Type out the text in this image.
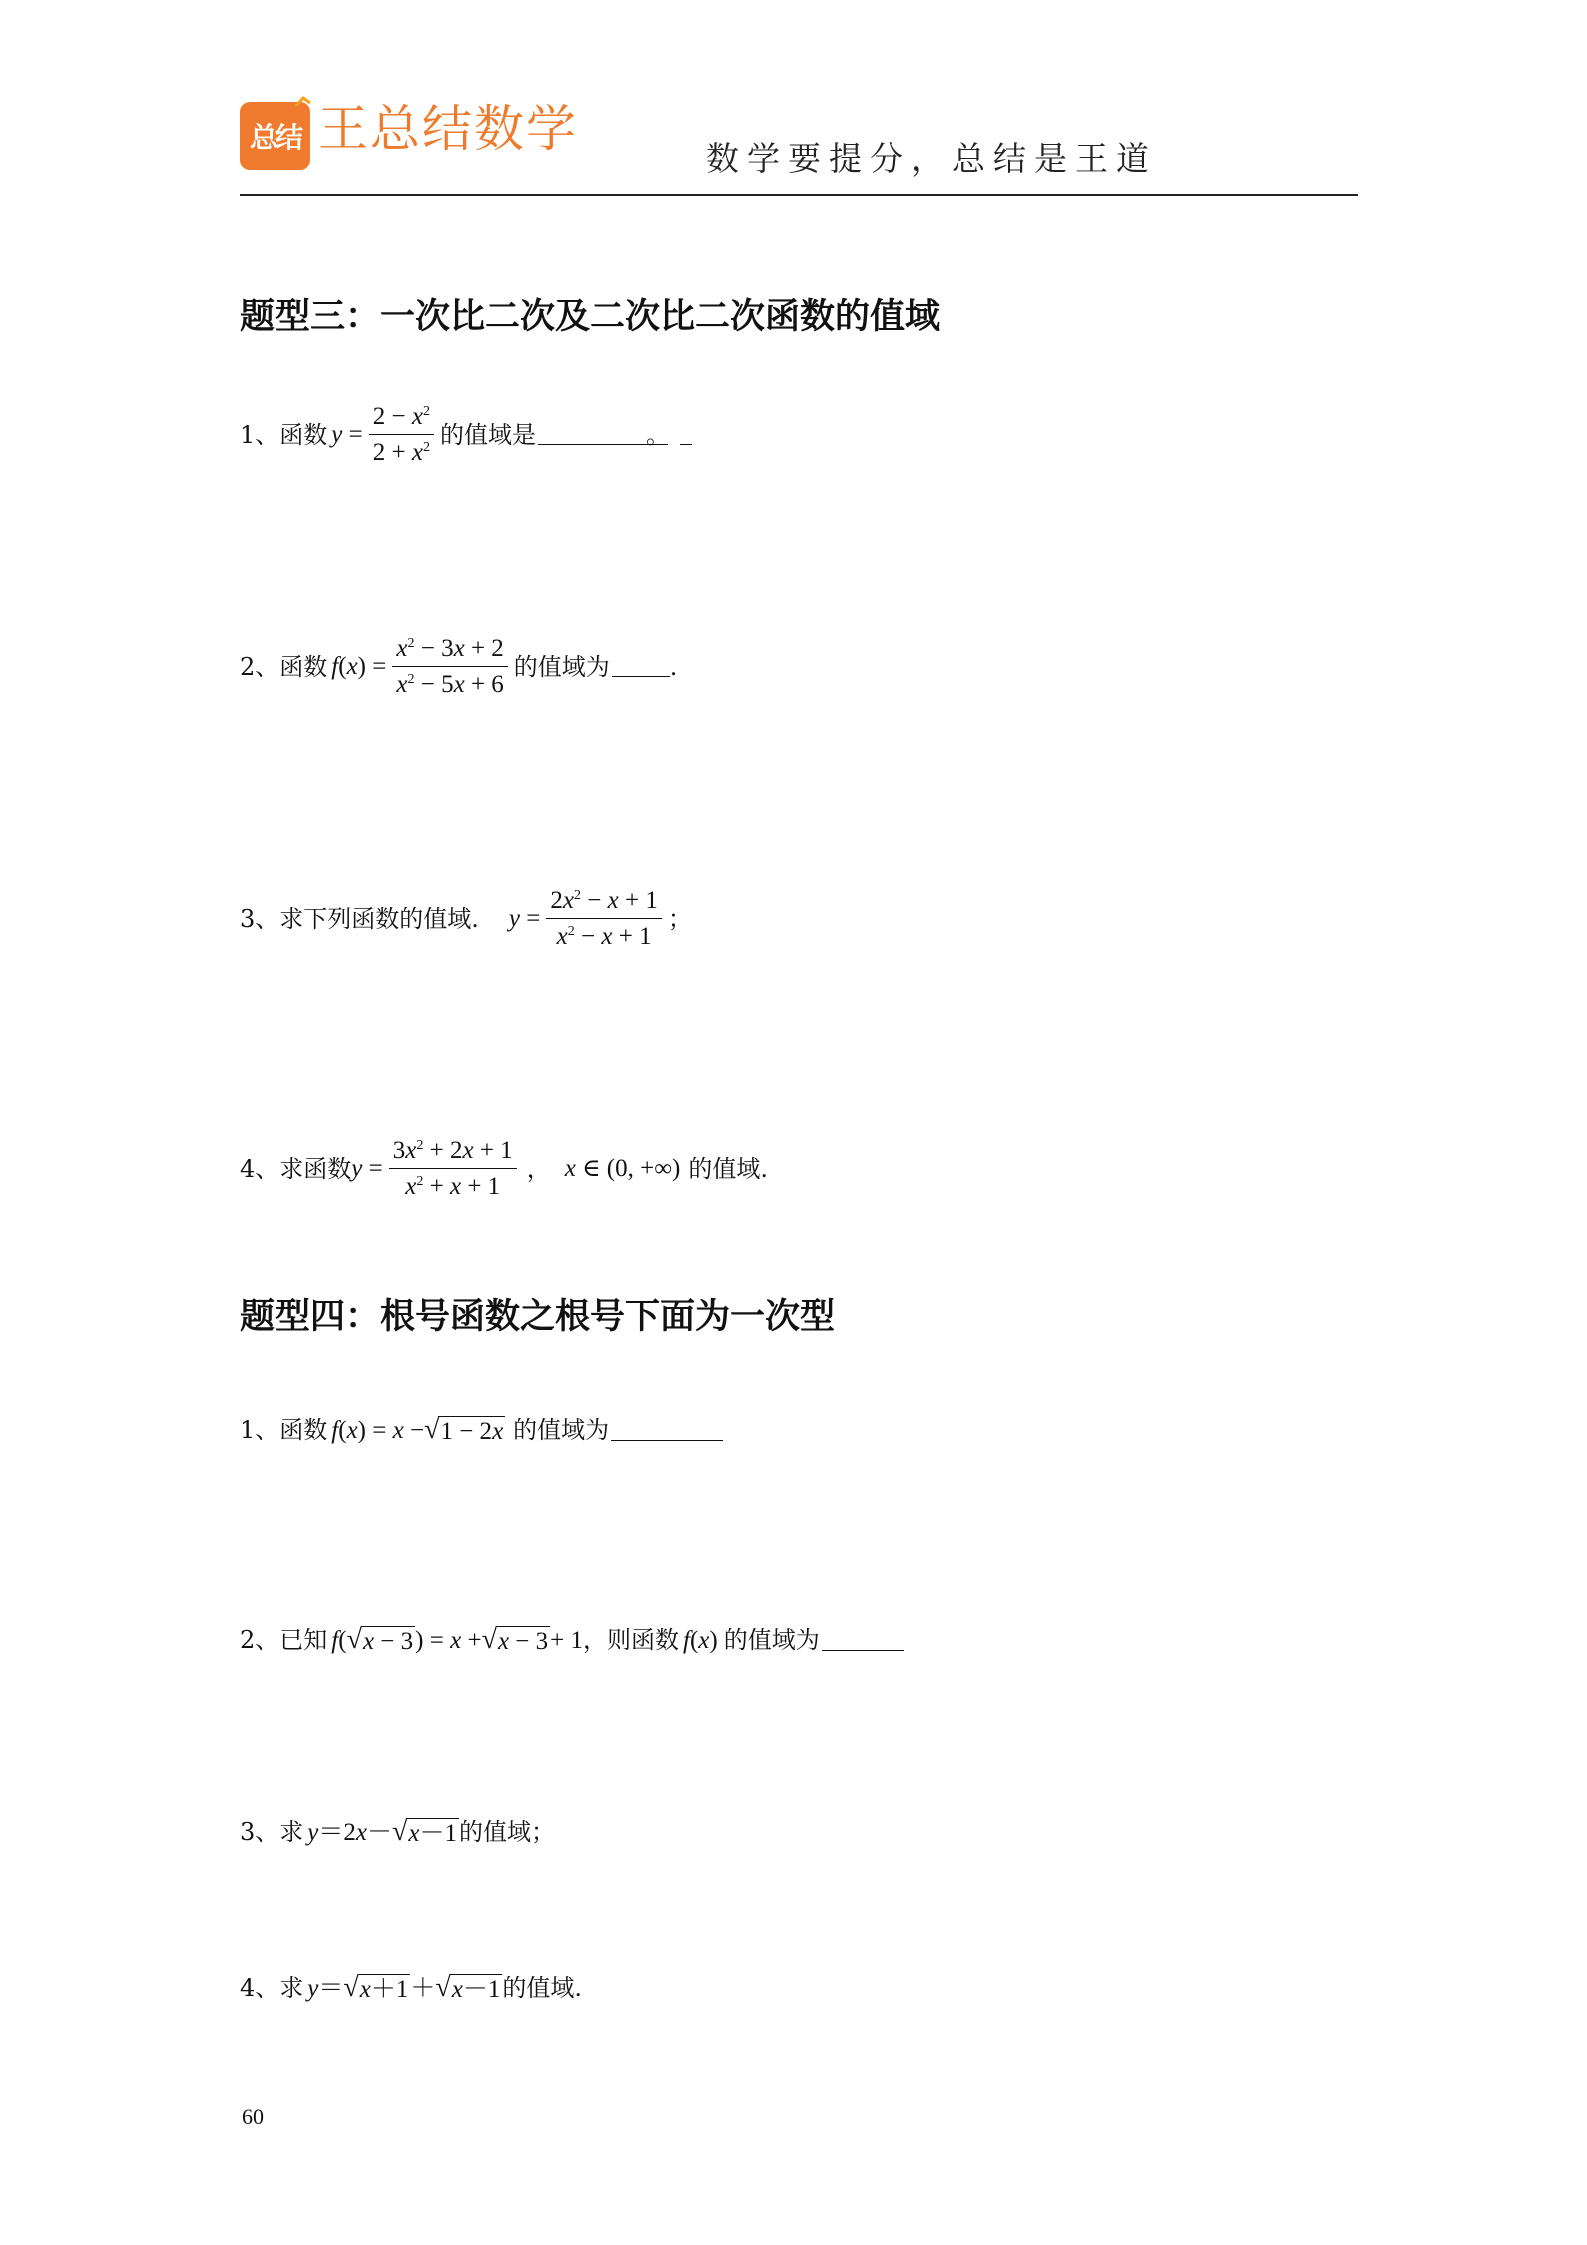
总结 王总结数学
数学要提分，总结是王道
题型三：一次比二次及二次比二次函数的值域
1、 函数 $y = \frac{2 - x^2}{2 + x^2}$ 的值域是	。
2、 函数 $f(x) = \frac{x^2 - 3x + 2}{x^2 - 5x + 6}$ 的值域为	.
3、 求下列函数的值域. $y = \frac{2x^2 - x + 1}{x^2 - x + 1}$ ；
4、 求函数 $y = \frac{3x^2 + 2x + 1}{x^2 + x + 1}$ ， x ∈ (0, +∞) 的值域.
题型四：根号函数之根号下面为一次型
1、 函数 f(x) = x − √ 1 − 2x 的值域为
2、 已知 f( √ x − 3 ) = x + √ x − 3 + 1 ，则函数 f(x) 的值域为
3、 求 y＝2x－ √ x－1 的值域；
4、 求 y＝ √ x＋1 ＋ √ x－1 的值域.
60
